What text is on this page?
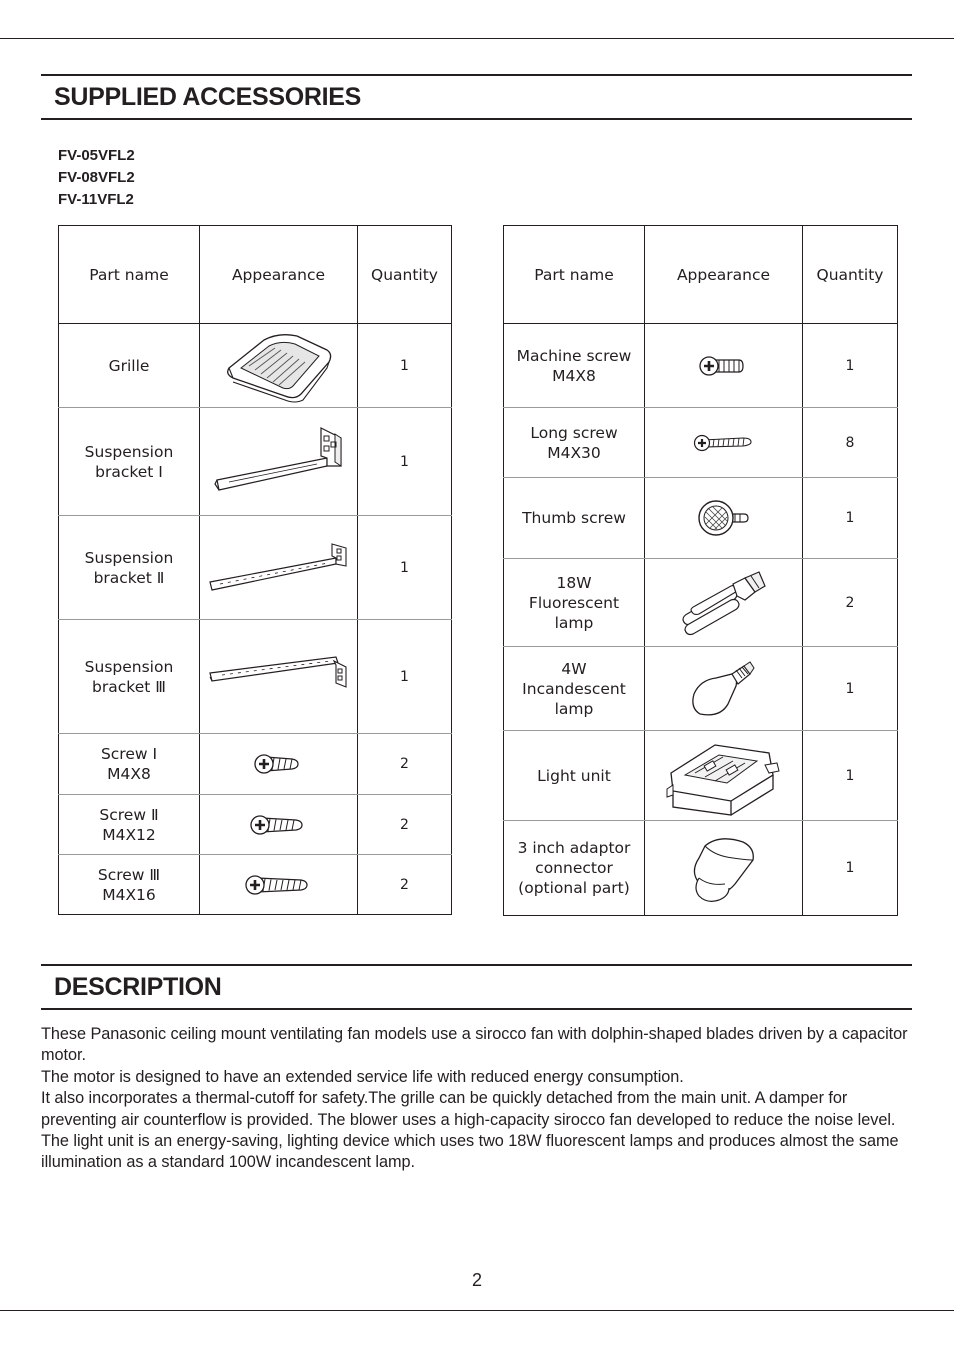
SUPPLIED ACCESSORIES
FV-05VFL2
FV-08VFL2
FV-11VFL2
Part name	Appearance	Quantity

Grille		1

Suspension
bracket Ⅰ		1

Suspension
bracket Ⅱ		1

Suspension
bracket Ⅲ		1

Screw Ⅰ
M4X8		2

Screw Ⅱ
M4X12		2

Screw Ⅲ
M4X16		2
Part name	Appearance	Quantity

Machine screw
M4X8		1

Long screw
M4X30		8

Thumb screw		1

18W
Fluorescent
lamp		2

4W
Incandescent
lamp		1

Light unit		1

3 inch adaptor
connector
(optional part)		1
DESCRIPTION

These Panasonic ceiling mount ventilating fan models use a sirocco fan with dolphin-shaped blades driven by a capacitor motor.

The motor is designed to have an extended service life with reduced energy consumption.

It also incorporates a thermal-cutoff for safety.The grille can be quickly detached from the main unit. A damper for preventing air counterflow is provided. The blower uses a high-capacity sirocco fan developed to reduce the noise level.

The light unit is an energy-saving, lighting device which uses two 18W fluorescent lamps and produces almost the same illumination as a standard 100W incandescent lamp.

2
